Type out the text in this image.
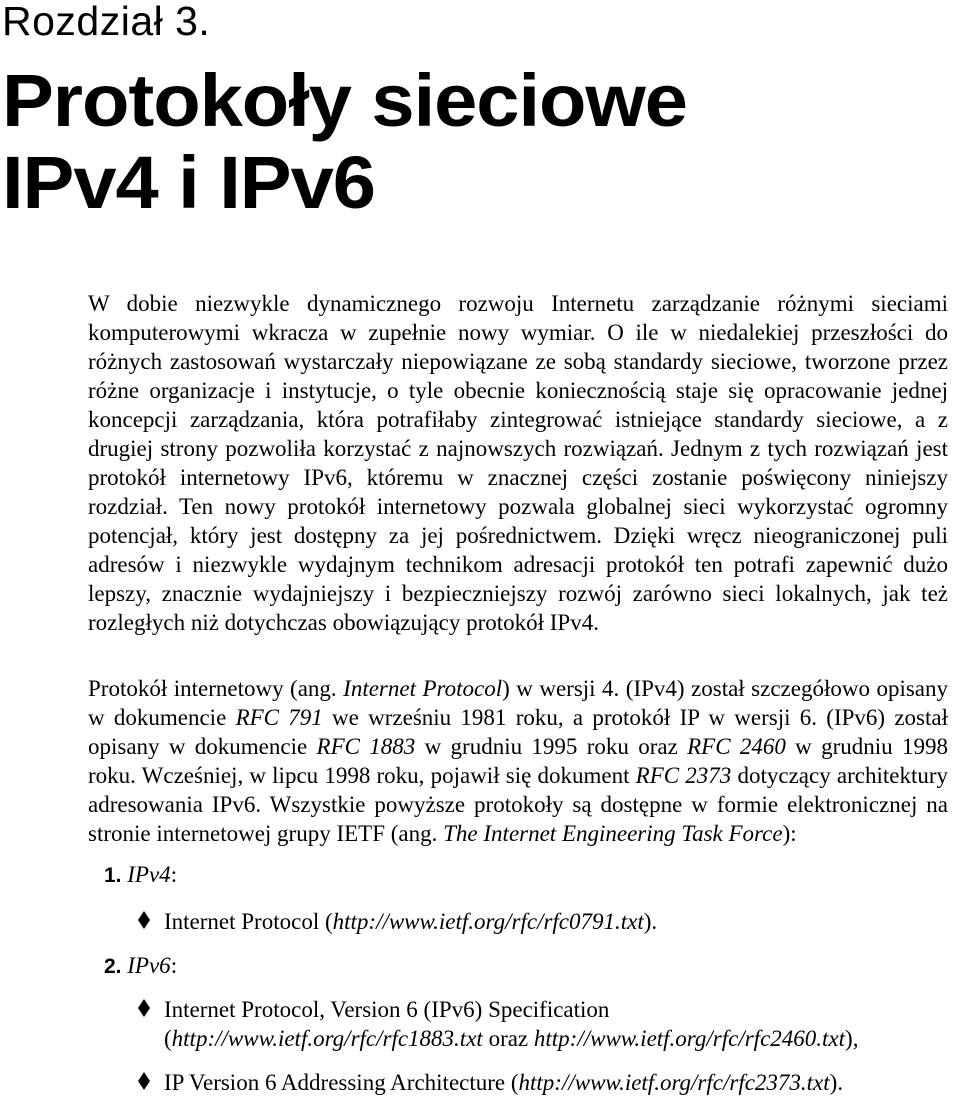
Rozdział 3.
Protokoły sieciowe
IPv4 i IPv6

W dobie niezwykle dynamicznego rozwoju Internetu zarządzanie różnymi sieciami komputerowymi wkracza w zupełnie nowy wymiar. O ile w niedalekiej przeszłości do różnych zastosowań wystarczały niepowiązane ze sobą standardy sieciowe, tworzone przez różne organizacje i instytucje, o tyle obecnie koniecznością staje się opracowanie jednej koncepcji zarządzania, która potrafiłaby zintegrować istniejące standardy sieciowe, a z drugiej strony pozwoliła korzystać z najnowszych rozwiązań. Jednym z tych rozwiązań jest protokół internetowy IPv6, któremu w znacznej części zostanie poświęcony niniejszy rozdział. Ten nowy protokół internetowy pozwala globalnej sieci wykorzystać ogromny potencjał, który jest dostępny za jej pośrednictwem. Dzięki wręcz nieograniczonej puli adresów i niezwykle wydajnym technikom adresacji protokół ten potrafi zapewnić dużo lepszy, znacznie wydajniejszy i bezpieczniejszy rozwój zarówno sieci lokalnych, jak też rozległych niż dotychczas obowiązujący protokół IPv4.

Protokół internetowy (ang. Internet Protocol) w wersji 4. (IPv4) został szczegółowo opisany w dokumencie RFC 791 we wrześniu 1981 roku, a protokół IP w wersji 6. (IPv6) został opisany w dokumencie RFC 1883 w grudniu 1995 roku oraz RFC 2460 w grudniu 1998 roku. Wcześniej, w lipcu 1998 roku, pojawił się dokument RFC 2373 dotyczący architektury adresowania IPv6. Wszystkie powyższe protokoły są dostępne w formie elektronicznej na stronie internetowej grupy IETF (ang. The Internet Engineering Task Force):

1. IPv4:
Internet Protocol (http://www.ietf.org/rfc/rfc0791.txt).
2. IPv6:
Internet Protocol, Version 6 (IPv6) Specification
(http://www.ietf.org/rfc/rfc1883.txt oraz http://www.ietf.org/rfc/rfc2460.txt),
IP Version 6 Addressing Architecture (http://www.ietf.org/rfc/rfc2373.txt).
